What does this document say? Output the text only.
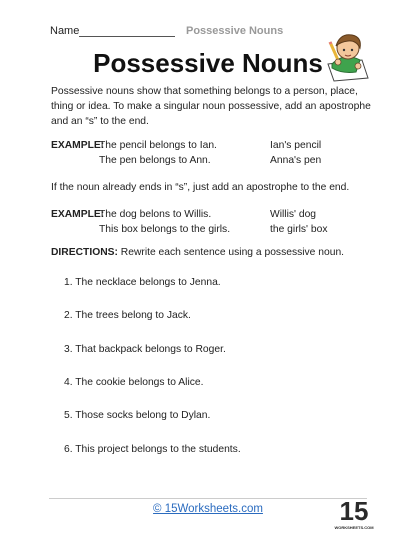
Name	Possessive Nouns
Possessive Nouns
Possessive nouns show that something belongs to a person, place, thing or idea. To make a singular noun possessive, add an apostrophe and an “s” to the end.
EXAMPLE:
The pencil belongs to Ian.	Ian's pencil
The pen belongs to Ann.	Anna's pen
If the noun already ends in “s”, just add an apostrophe to the end.
EXAMPLE:
The dog belons to Willis.	Willis' dog
This box belongs to the girls.	the girls' box
DIRECTIONS: Rewrite each sentence using a possessive noun.
1. The necklace belongs to Jenna.
2. The trees belong to Jack.
3. That backpack belongs to Roger.
4. The cookie belongs to Alice.
5. Those socks belong to Dylan.
6. This project belongs to the students.
© 15Worksheets.com	15
WORKSHEETS.COM
